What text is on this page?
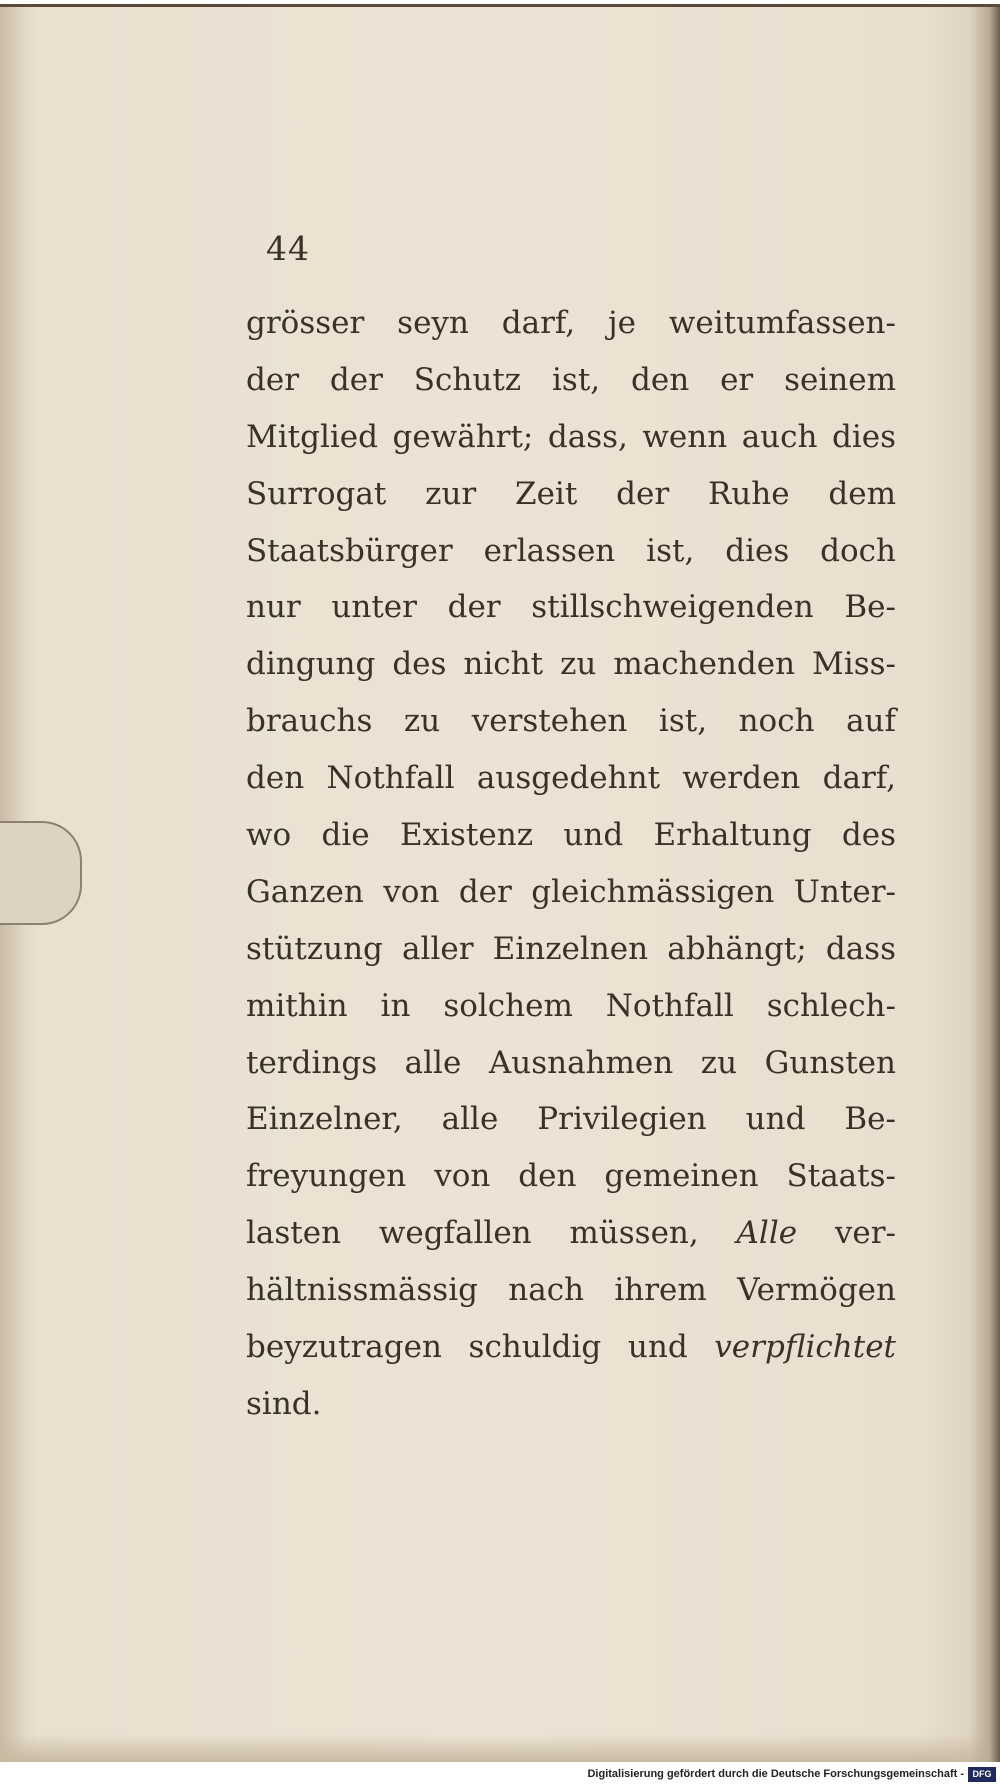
44
grösser seyn darf, je weitumfassen-
der der Schutz ist, den er seinem
Mitglied gewährt; dass, wenn auch dies
Surrogat zur Zeit der Ruhe dem
Staatsbürger erlassen ist, dies doch
nur unter der stillschweigenden Be-
dingung des nicht zu machenden Miss-
brauchs zu verstehen ist, noch auf
den Nothfall ausgedehnt werden darf,
wo die Existenz und Erhaltung des
Ganzen von der gleichmässigen Unter-
stützung aller Einzelnen abhängt; dass
mithin in solchem Nothfall schlech-
terdings alle Ausnahmen zu Gunsten
Einzelner, alle Privilegien und Be-
freyungen von den gemeinen Staats-
lasten wegfallen müssen, Alle ver-
hältnissmässig nach ihrem Vermögen
beyzutragen schuldig und verpflichtet
sind.
Digitalisierung gefördert durch die Deutsche Forschungsgemeinschaft - DFG
